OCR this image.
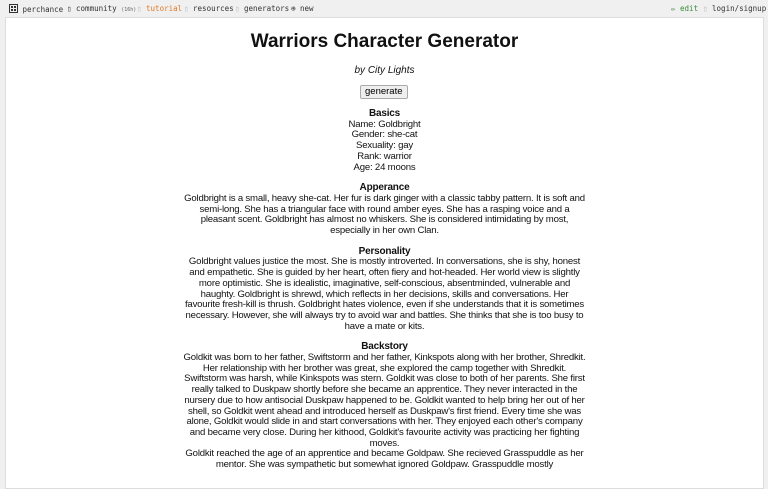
perchance ▯ community (16h) ▯ tutorial ▯ resources ▯ generators ⊕ new	✏ edit ▯ login/signup
Warriors Character Generator
by City Lights
generate
Basics

Name: Goldbright

Gender: she-cat

Sexuality: gay

Rank: warrior

Age: 24 moons

Apperance

Goldbright is a small, heavy she-cat. Her fur is dark ginger with a classic tabby pattern. It is soft and semi-long. She has a triangular face with round amber eyes. She has a rasping voice and a pleasant scent. Goldbright has almost no whiskers. She is considered intimidating by most, especially in her own Clan.

Personality

Goldbright values justice the most. She is mostly introverted. In conversations, she is shy, honest and empathetic. She is guided by her heart, often fiery and hot-headed. Her world view is slightly more optimistic. She is idealistic, imaginative, self-conscious, absentminded, vulnerable and haughty. Goldbright is shrewd, which reflects in her decisions, skills and conversations. Her favourite fresh-kill is thrush. Goldbright hates violence, even if she understands that it is sometimes necessary. However, she will always try to avoid war and battles. She thinks that she is too busy to have a mate or kits.

Backstory

Goldkit was born to her father, Swiftstorm and her father, Kinkspots along with her brother, Shredkit. Her relationship with her brother was great, she explored the camp together with Shredkit. Swiftstorm was harsh, while Kinkspots was stern. Goldkit was close to both of her parents. She first really talked to Duskpaw shortly before she became an apprentice. They never interacted in the nursery due to how antisocial Duskpaw happened to be. Goldkit wanted to help bring her out of her shell, so Goldkit went ahead and introduced herself as Duskpaw's first friend. Every time she was alone, Goldkit would slide in and start conversations with her. They enjoyed each other's company and became very close. During her kithood, Goldkit's favourite activity was practicing her fighting moves.

Goldkit reached the age of an apprentice and became Goldpaw. She recieved Grasspuddle as her mentor. She was sympathetic but somewhat ignored Goldpaw. Grasspuddle mostly
